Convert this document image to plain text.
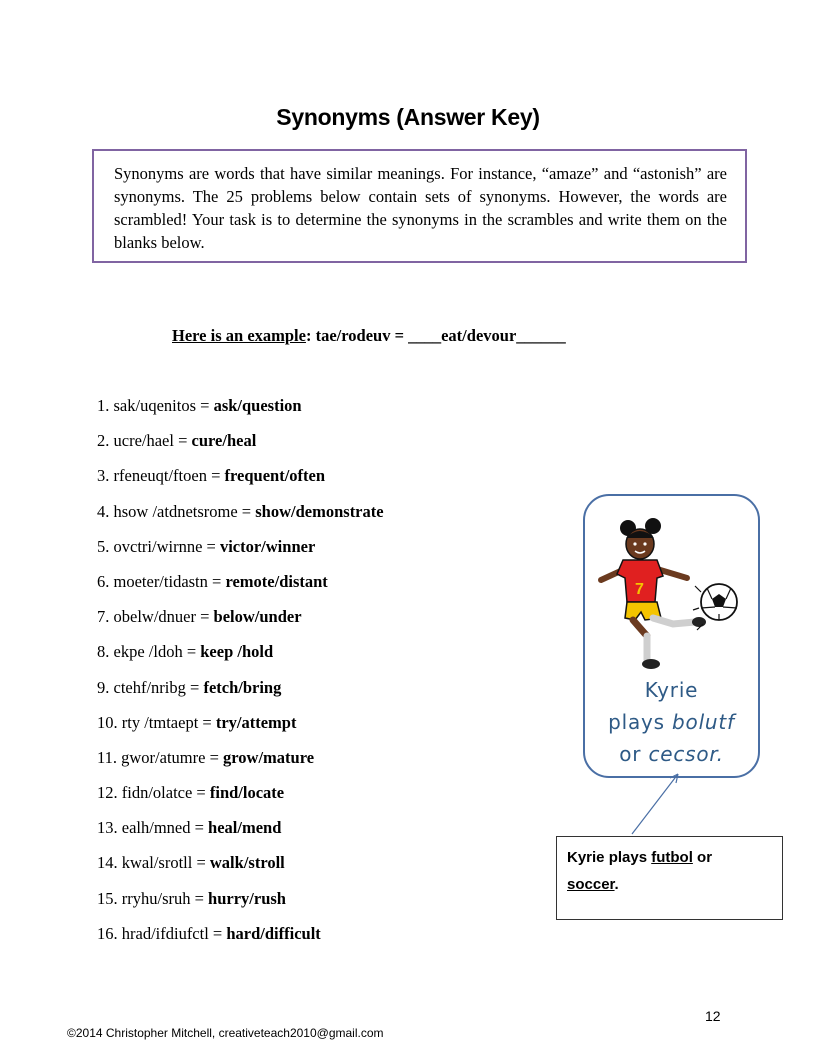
Synonyms (Answer Key)
Synonyms are words that have similar meanings. For instance, “amaze” and “astonish” are synonyms. The 25 problems below contain sets of synonyms. However, the words are scrambled! Your task is to determine the synonyms in the scrambles and write them on the blanks below.
Here is an example: tae/rodeuv = ____eat/devour______
1. sak/uqenitos = ask/question
2. ucre/hael = cure/heal
3. rfeneuqt/ftoen = frequent/often
4. hsow /atdnetsrome = show/demonstrate
5. ovctri/wirnne = victor/winner
6. moeter/tidastn = remote/distant
7. obelw/dnuer = below/under
8. ekpe /ldoh = keep /hold
9. ctehf/nribg = fetch/bring
10. rty /tmtaept = try/attempt
11. gwor/atumre = grow/mature
12. fidn/olatce = find/locate
13. ealh/mned = heal/mend
14. kwal/srotll = walk/stroll
15. rryhu/sruh = hurry/rush
16. hrad/ifdiufctl = hard/difficult
7
Kyrie
plays bolutf
or cecsor.
Kyrie plays futbol or
soccer.
12
©2014 Christopher Mitchell, creativeteach2010@gmail.com
